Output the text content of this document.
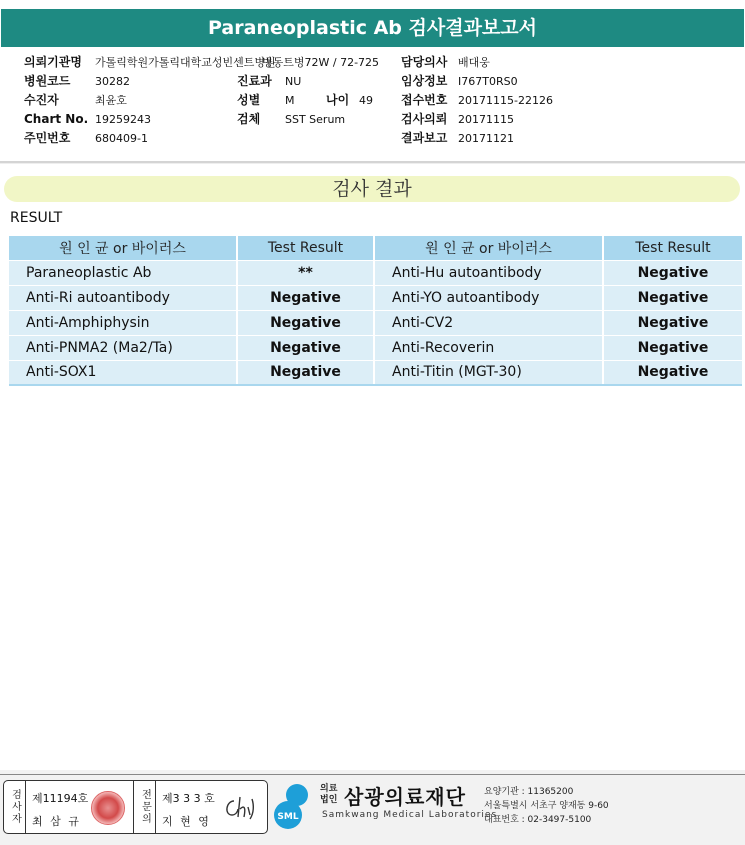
Paraneoplastic Ab 검사결과보고서
의뢰기관명	가톨릭학원가톨릭대학교성빈센트병원
병원코드	30282
수진자	최윤호
Chart No. 19259243
주민번호	680409-1
병동트병72W / 72-725
진료과	NU
성별	M	나이 49
검체	SST Serum
담당의사 배대웅
임상정보 I767T0RS0
접수번호 20171115-22126
검사의뢰 20171115
결과보고 20171121
검사 결과
RESULT
원 인 균 or 바이러스	Test Result	원 인 균 or 바이러스	Test Result
Paraneoplastic Ab	**	Anti-Hu autoantibody	Negative
Anti-Ri autoantibody	Negative	Anti-YO autoantibody	Negative
Anti-Amphiphysin	Negative	Anti-CV2	Negative
Anti-PNMA2 (Ma2/Ta)	Negative	Anti-Recoverin	Negative
Anti-SOX1	Negative	Anti-Titin (MGT-30)	Negative
검사자	제11194호
최 삼 규	전문의	제3 3 3 호
지 현 영	SML
의료
법인 삼광의료재단
Samkwang Medical Laboratories
요양기관 : 11365200
서울특별시 서초구 양재동 9-60
대표번호 : 02-3497-5100
